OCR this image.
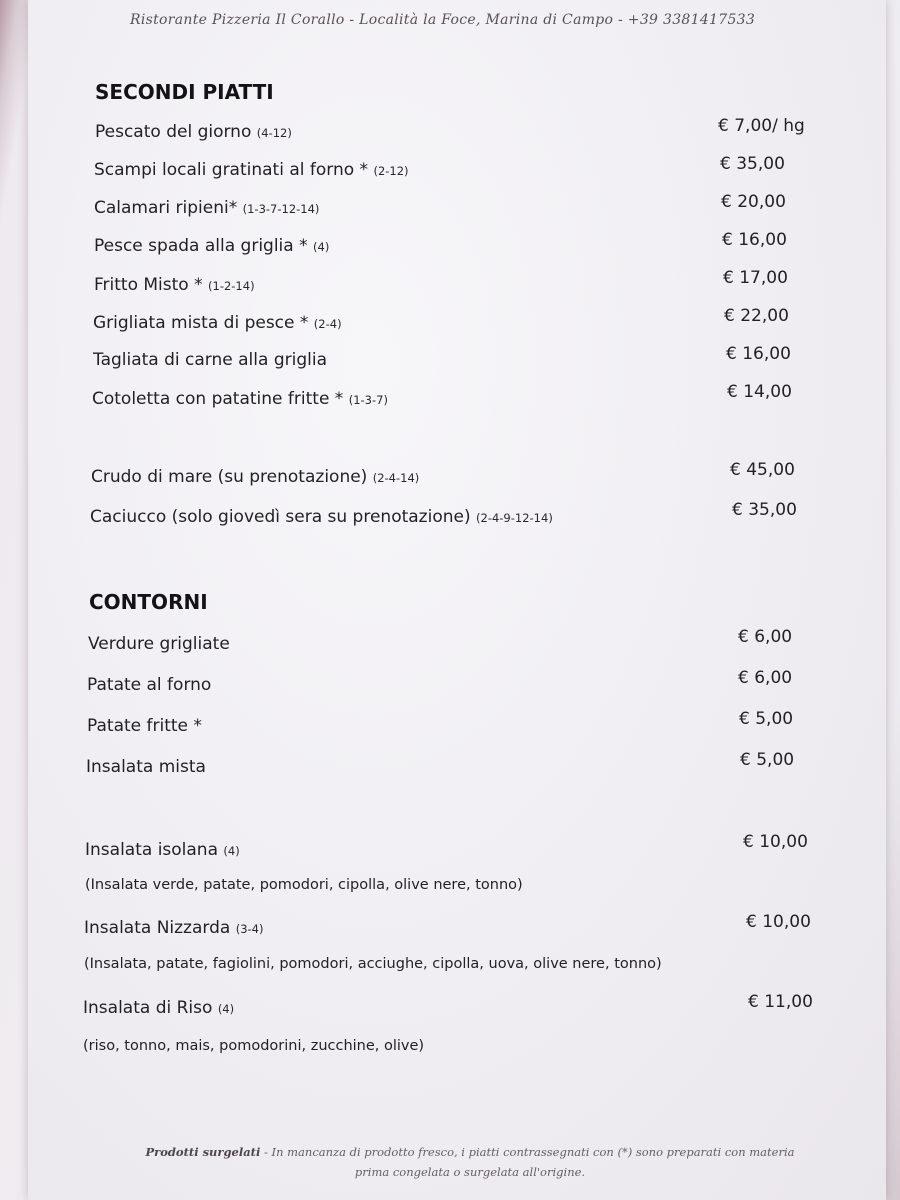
Ristorante Pizzeria Il Corallo - Località la Foce, Marina di Campo - +39 3381417533
SECONDI PIATTI
Pescato del giorno (4-12)	€ 7,00/ hg
Scampi locali gratinati al forno * (2-12)	€ 35,00
Calamari ripieni* (1-3-7-12-14)	€ 20,00
Pesce spada alla griglia * (4)	€ 16,00
Fritto Misto * (1-2-14)	€ 17,00
Grigliata mista di pesce * (2-4)	€ 22,00
Tagliata di carne alla griglia	€ 16,00
Cotoletta con patatine fritte * (1-3-7)	€ 14,00
Crudo di mare (su prenotazione) (2-4-14)	€ 45,00
Caciucco (solo giovedì sera su prenotazione) (2-4-9-12-14)	€ 35,00
CONTORNI
Verdure grigliate	€ 6,00
Patate al forno	€ 6,00
Patate fritte *	€ 5,00
Insalata mista	€ 5,00
Insalata isolana (4)	€ 10,00
(Insalata verde, patate, pomodori, cipolla, olive nere, tonno)
Insalata Nizzarda (3-4)	€ 10,00
(Insalata, patate, fagiolini, pomodori, acciughe, cipolla, uova, olive nere, tonno)
Insalata di Riso (4)	€ 11,00
(riso, tonno, mais, pomodorini, zucchine, olive)
Prodotti surgelati - In mancanza di prodotto fresco, i piatti contrassegnati con (*) sono preparati con materia
prima congelata o surgelata all'origine.
